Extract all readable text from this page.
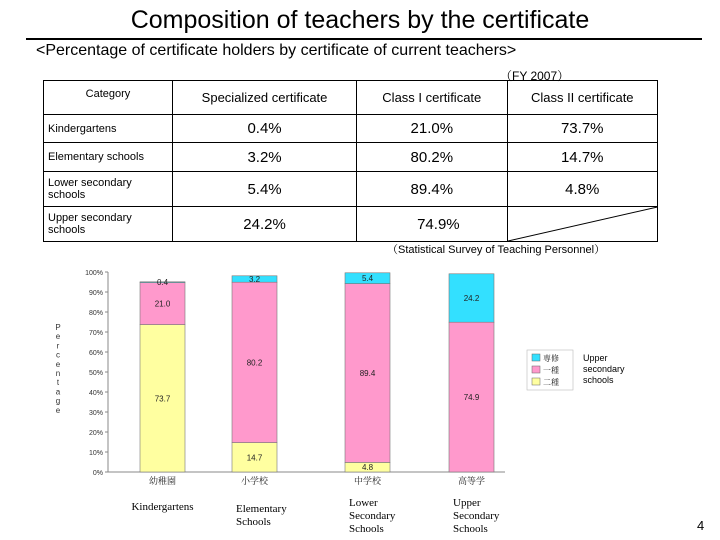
Composition of teachers by the certificate
<Percentage of certificate holders by certificate of current teachers>
（FY 2007）
Category	Specialized certificate	Class I certificate	Class II certificate
Kindergartens	0.4%	21.0%	73.7%
Elementary schools	3.2%	80.2%	14.7%
Lower secondary schools	5.4%	89.4%	4.8%
Upper secondary schools	24.2%	74.9%	
（Statistical Survey of Teaching Personnel）
0%
10%
20%
30%
40%
50%
60%
70%
80%
90%
100%
P
e
r
c
e
n
t
a
g
e
73.7
21.0
0.4
幼稚園
Kindergartens
14.7
80.2
3.2
小学校
Elementary
Schools
4.8
89.4
5.4
中学校
Lower
Secondary
Schools
74.9
24.2
高等学
Upper
Secondary
Schools
専修
一種
二種
Upper
secondary
schools
4
